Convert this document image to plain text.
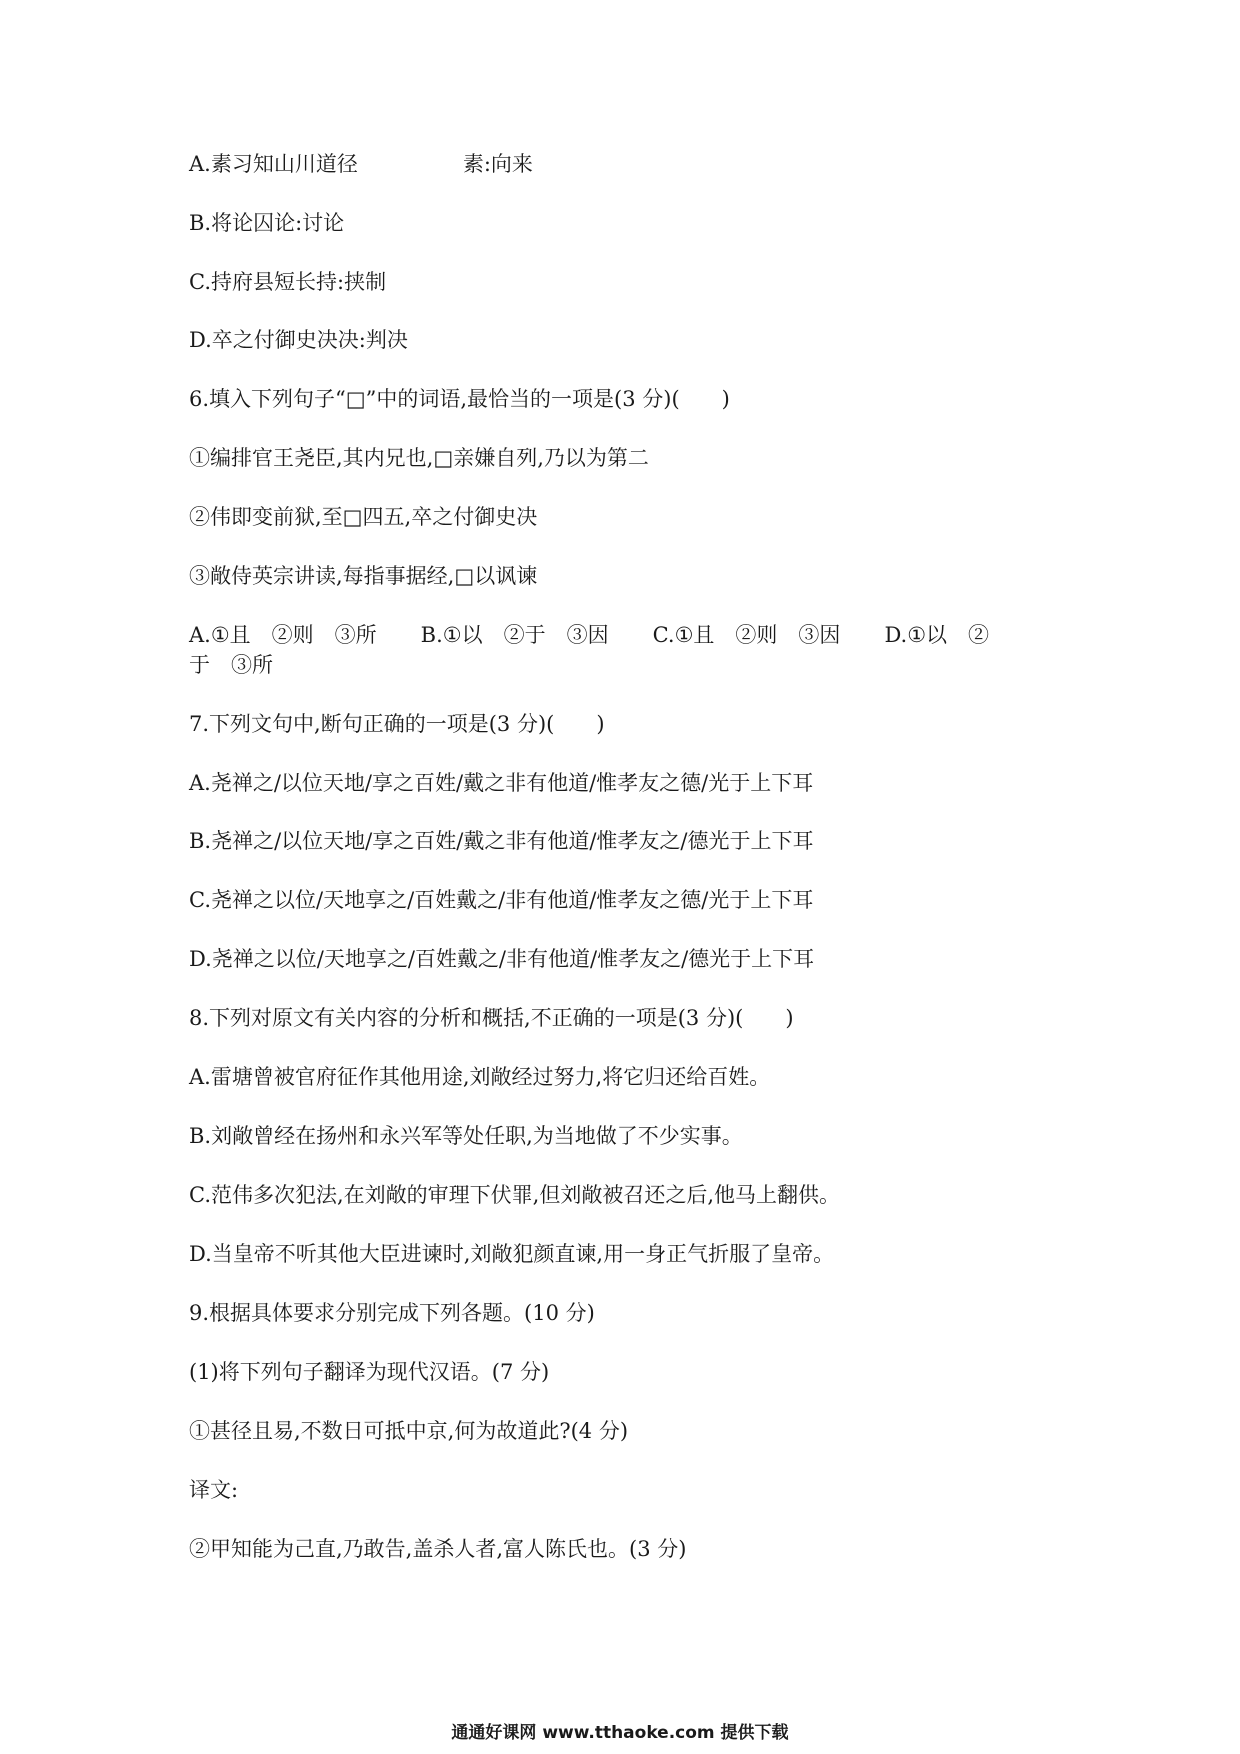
A.素习知山川道径	素:向来
B.将论囚论:讨论
C.持府县短长持:挟制
D.卒之付御史决决:判决
6.填入下列句子“□”中的词语,最恰当的一项是(3 分)(　　)
①编排官王尧臣,其内兄也,□亲嫌自列,乃以为第二
②伟即变前狱,至□四五,卒之付御史决
③敞侍英宗讲读,每指事据经,□以讽谏
A.①且　②则　③所 B.①以　②于　③因 C.①且　②则　③因 D.①以　②
于　③所
7.下列文句中,断句正确的一项是(3 分)(　　)
A.尧禅之/以位天地/享之百姓/戴之非有他道/惟孝友之德/光于上下耳
B.尧禅之/以位天地/享之百姓/戴之非有他道/惟孝友之/德光于上下耳
C.尧禅之以位/天地享之/百姓戴之/非有他道/惟孝友之德/光于上下耳
D.尧禅之以位/天地享之/百姓戴之/非有他道/惟孝友之/德光于上下耳
8.下列对原文有关内容的分析和概括,不正确的一项是(3 分)(　　)
A.雷塘曾被官府征作其他用途,刘敞经过努力,将它归还给百姓。
B.刘敞曾经在扬州和永兴军等处任职,为当地做了不少实事。
C.范伟多次犯法,在刘敞的审理下伏罪,但刘敞被召还之后,他马上翻供。
D.当皇帝不听其他大臣进谏时,刘敞犯颜直谏,用一身正气折服了皇帝。
9.根据具体要求分别完成下列各题。(10 分)
(1)将下列句子翻译为现代汉语。(7 分)
①甚径且易,不数日可抵中京,何为故道此?(4 分)
译文:
②甲知能为己直,乃敢告,盖杀人者,富人陈氏也。(3 分)
通通好课网 www.tthaoke.com 提供下载
